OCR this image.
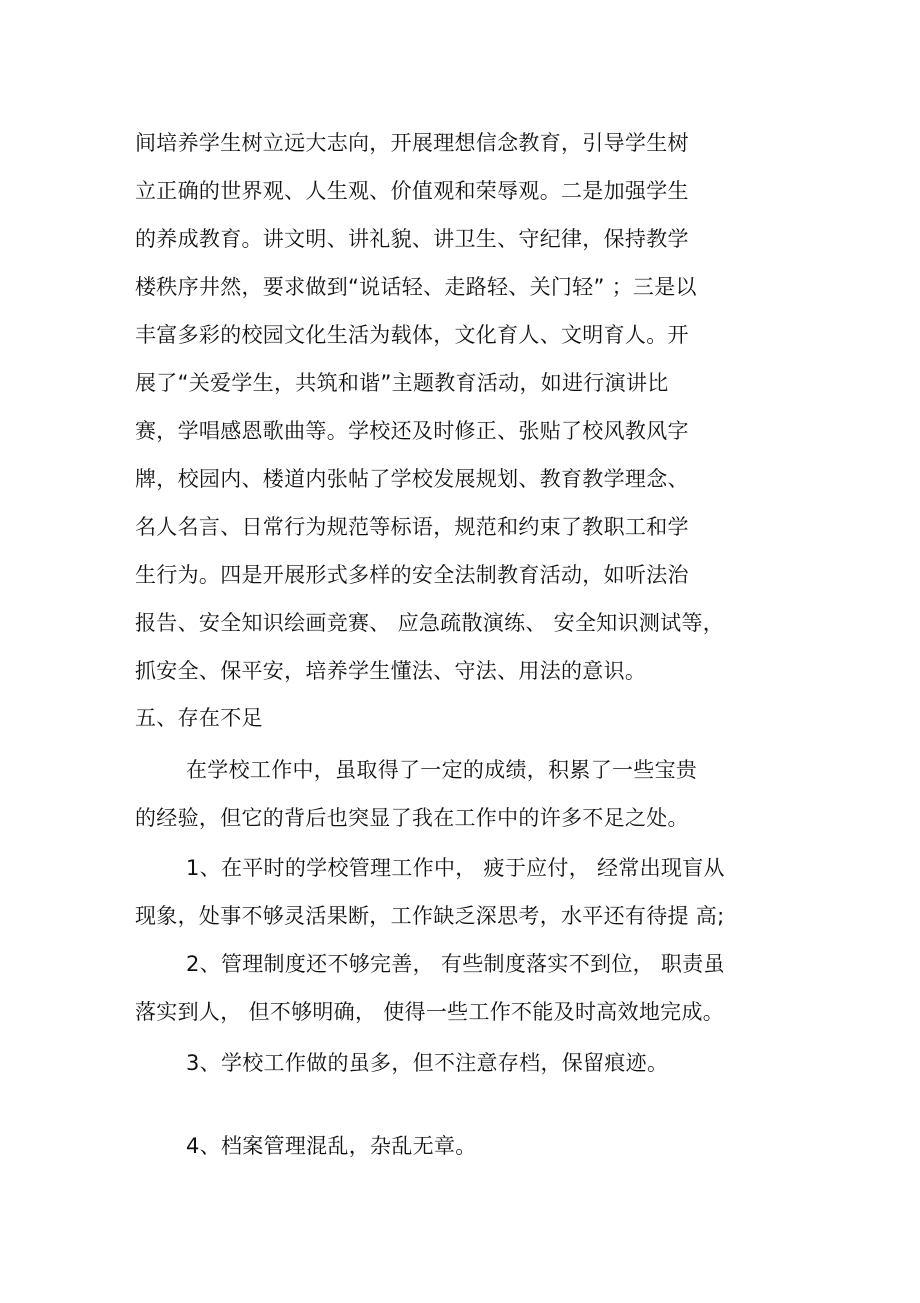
间培养学生树立远大志向，开展理想信念教育，引导学生树
立正确的世界观、人生观、价值观和荣辱观。二是加强学生
的养成教育。讲文明、讲礼貌、讲卫生、守纪律，保持教学
楼秩序井然，要求做到“说话轻、走路轻、关门轻” ；三是以
丰富多彩的校园文化生活为载体，文化育人、文明育人。开
展了“关爱学生，共筑和谐”主题教育活动，如进行演讲比
赛，学唱感恩歌曲等。学校还及时修正、张贴了校风教风字
牌，校园内、楼道内张帖了学校发展规划、教育教学理念、
名人名言、日常行为规范等标语，规范和约束了教职工和学
生行为。四是开展形式多样的安全法制教育活动，如听法治
报告、安全知识绘画竞赛、 应急疏散演练、 安全知识测试等，
抓安全、保平安，培养学生懂法、守法、用法的意识。
五、存在不足
在学校工作中，虽取得了一定的成绩，积累了一些宝贵
的经验，但它的背后也突显了我在工作中的许多不足之处。
1、在平时的学校管理工作中， 疲于应付， 经常出现盲从
现象，处事不够灵活果断，工作缺乏深思考，水平还有待提 高;
2、管理制度还不够完善， 有些制度落实不到位， 职责虽
落实到人， 但不够明确， 使得一些工作不能及时高效地完成。
3、学校工作做的虽多，但不注意存档，保留痕迹。
4、档案管理混乱，杂乱无章。
